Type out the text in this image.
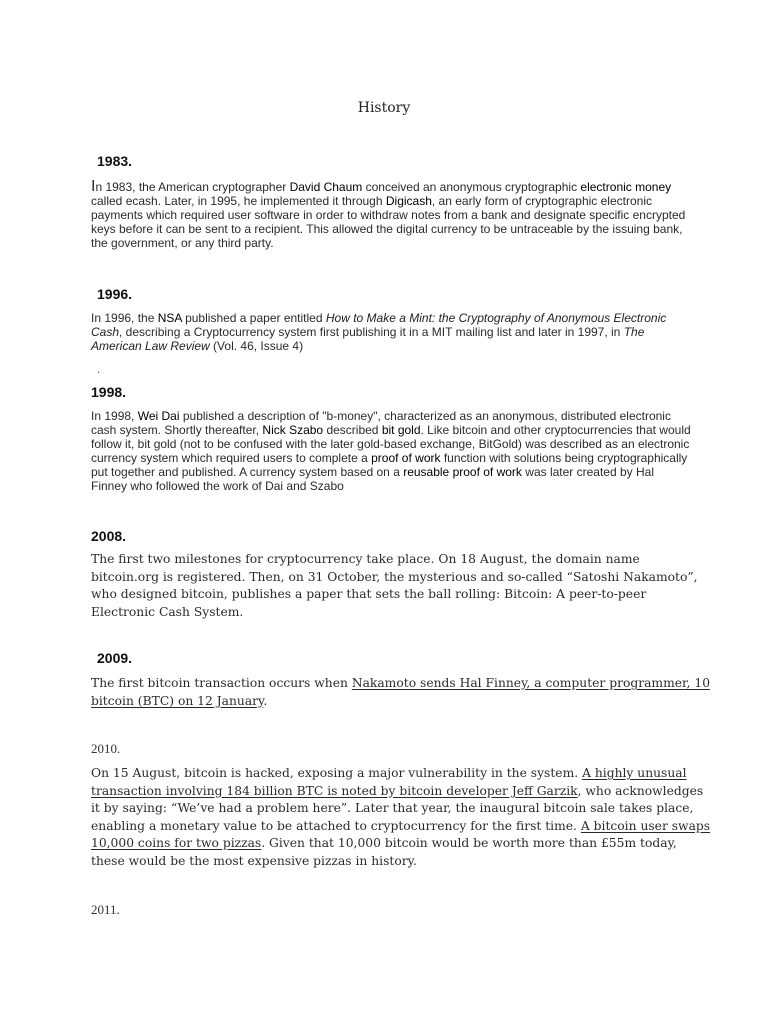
History
1983.
In 1983, the American cryptographer David Chaum conceived an anonymous cryptographic electronic money called ecash. Later, in 1995, he implemented it through Digicash, an early form of cryptographic electronic payments which required user software in order to withdraw notes from a bank and designate specific encrypted keys before it can be sent to a recipient. This allowed the digital currency to be untraceable by the issuing bank, the government, or any third party.
1996.
In 1996, the NSA published a paper entitled How to Make a Mint: the Cryptography of Anonymous Electronic Cash, describing a Cryptocurrency system first publishing it in a MIT mailing list and later in 1997, in The American Law Review (Vol. 46, Issue 4)
.
1998.
In 1998, Wei Dai published a description of "b-money", characterized as an anonymous, distributed electronic cash system. Shortly thereafter, Nick Szabo described bit gold. Like bitcoin and other cryptocurrencies that would follow it, bit gold (not to be confused with the later gold-based exchange, BitGold) was described as an electronic currency system which required users to complete a proof of work function with solutions being cryptographically put together and published. A currency system based on a reusable proof of work was later created by Hal Finney who followed the work of Dai and Szabo
2008.
The first two milestones for cryptocurrency take place. On 18 August, the domain name bitcoin.org is registered. Then, on 31 October, the mysterious and so-called “Satoshi Nakamoto”, who designed bitcoin, publishes a paper that sets the ball rolling: Bitcoin: A peer-to-peer Electronic Cash System.
2009.
The first bitcoin transaction occurs when Nakamoto sends Hal Finney, a computer programmer, 10 bitcoin (BTC) on 12 January.
2010.
On 15 August, bitcoin is hacked, exposing a major vulnerability in the system. A highly unusual transaction involving 184 billion BTC is noted by bitcoin developer Jeff Garzik, who acknowledges it by saying: “We’ve had a problem here”. Later that year, the inaugural bitcoin sale takes place, enabling a monetary value to be attached to cryptocurrency for the first time. A bitcoin user swaps 10,000 coins for two pizzas. Given that 10,000 bitcoin would be worth more than £55m today, these would be the most expensive pizzas in history.
2011.
